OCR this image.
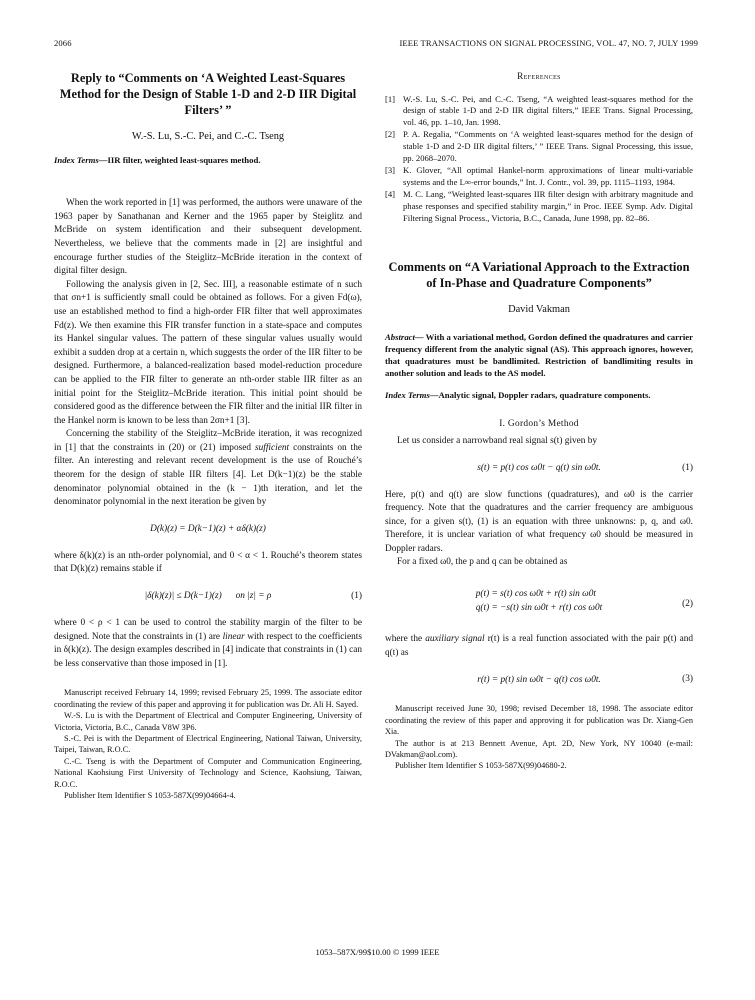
2066	IEEE TRANSACTIONS ON SIGNAL PROCESSING, VOL. 47, NO. 7, JULY 1999
Reply to “Comments on ‘A Weighted Least-Squares Method for the Design of Stable 1-D and 2-D IIR Digital Filters’ ”
W.-S. Lu, S.-C. Pei, and C.-C. Tseng
Index Terms—IIR filter, weighted least-squares method.

When the work reported in [1] was performed, the authors were unaware of the 1963 paper by Sanathanan and Kerner and the 1965 paper by Steiglitz and McBride on system identification and their subsequent development. Nevertheless, we believe that the comments made in [2] are insightful and encourage further studies of the Steiglitz–McBride iteration in the context of digital filter design.

Following the analysis given in [2, Sec. III], a reasonable estimate of n such that σn+1 is sufficiently small could be obtained as follows. For a given Fd(ω), use an established method to find a high-order FIR filter that well approximates Fd(z). We then examine this FIR transfer function in a state-space and computes its Hankel singular values. The pattern of these singular values usually would exhibit a sudden drop at a certain n, which suggests the order of the IIR filter to be designed. Furthermore, a balanced-realization based model-reduction procedure can be applied to the FIR filter to generate an nth-order stable IIR filter as an initial point for the Steiglitz–McBride iteration. This initial point should be considered good as the difference between the FIR filter and the initial IIR filter in the Hankel norm is known to be less than 2σn+1 [3].

Concerning the stability of the Steiglitz–McBride iteration, it was recognized in [1] that the constraints in (20) or (21) imposed sufficient constraints on the filter. An interesting and relevant recent development is the use of Rouché’s theorem for the design of stable IIR filters [4]. Let D(k−1)(z) be the stable denominator polynomial obtained in the (k − 1)th iteration, and let the denominator polynomial in the next iteration be given by

D(k)(z) = D(k−1)(z) + αδ(k)(z)

where δ(k)(z) is an nth-order polynomial, and 0 < α < 1. Rouché’s theorem states that D(k)(z) remains stable if

|δ(k)(z)| ≤ D(k−1)(z)      on |z| = ρ	(1)

where 0 < ρ < 1 can be used to control the stability margin of the filter to be designed. Note that the constraints in (1) are linear with respect to the coefficients in δ(k)(z). The design examples described in [4] indicate that constraints in (1) can be less conservative than those imposed in [1].

Manuscript received February 14, 1999; revised February 25, 1999. The associate editor coordinating the review of this paper and approving it for publication was Dr. Ali H. Sayed.

W.-S. Lu is with the Department of Electrical and Computer Engineering, University of Victoria, Victoria, B.C., Canada V8W 3P6.

S.-C. Pei is with the Department of Electrical Engineering, National Taiwan, University, Taipei, Taiwan, R.O.C.

C.-C. Tseng is with the Department of Computer and Communication Engineering, National Kaohsiung First University of Technology and Science, Kaohsiung, Taiwan, R.O.C.

Publisher Item Identifier S 1053-587X(99)04664-4.

References
[1] W.-S. Lu, S.-C. Pei, and C.-C. Tseng, “A weighted least-squares method for the design of stable 1-D and 2-D IIR digital filters,” IEEE Trans. Signal Processing, vol. 46, pp. 1–10, Jan. 1998.
[2] P. A. Regalia, “Comments on ‘A weighted least-squares method for the design of stable 1-D and 2-D IIR digital filters,’ ” IEEE Trans. Signal Processing, this issue, pp. 2068–2070.
[3] K. Glover, “All optimal Hankel-norm approximations of linear multi-variable systems and the L∞-error bounds,” Int. J. Contr., vol. 39, pp. 1115–1193, 1984.
[4] M. C. Lang, “Weighted least-squares IIR filter design with arbitrary magnitude and phase responses and specified stability margin,” in Proc. IEEE Symp. Adv. Digital Filtering Signal Process., Victoria, B.C., Canada, June 1998, pp. 82–86.
Comments on “A Variational Approach to the Extraction of In-Phase and Quadrature Components”
David Vakman
Abstract— With a variational method, Gordon defined the quadratures and carrier frequency different from the analytic signal (AS). This approach ignores, however, that quadratures must be bandlimited. Restriction of bandlimiting results in another solution and leads to the AS model.
Index Terms—Analytic signal, Doppler radars, quadrature components.
I. Gordon’s Method

Let us consider a narrowband real signal s(t) given by

s(t) = p(t) cos ω0t − q(t) sin ω0t.	(1)

Here, p(t) and q(t) are slow functions (quadratures), and ω0 is the carrier frequency. Note that the quadratures and the carrier frequency are ambiguous since, for a given s(t), (1) is an equation with three unknowns: p, q, and ω0. Therefore, it is unclear variation of what frequency ω0 should be measured in Doppler radars.

For a fixed ω0, the p and q can be obtained as

p(t) = s(t) cos ω0t + r(t) sin ω0t
q(t) = −s(t) sin ω0t + r(t) cos ω0t	(2)

where the auxiliary signal r(t) is a real function associated with the pair p(t) and q(t) as

r(t) = p(t) sin ω0t − q(t) cos ω0t.	(3)

Manuscript received June 30, 1998; revised December 18, 1998. The associate editor coordinating the review of this paper and approving it for publication was Dr. Xiang-Gen Xia.

The author is at 213 Bennett Avenue, Apt. 2D, New York, NY 10040 (e-mail: DVakman@aol.com).

Publisher Item Identifier S 1053-587X(99)04680-2.

1053–587X/99$10.00 © 1999 IEEE
